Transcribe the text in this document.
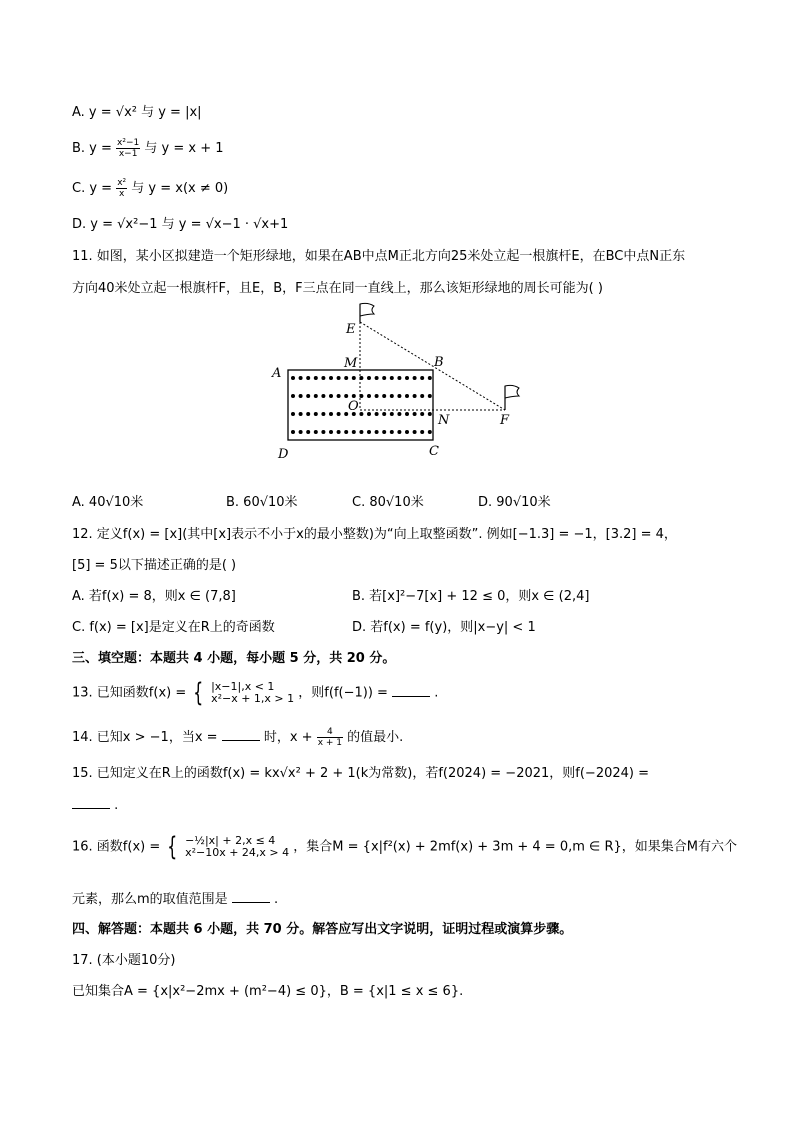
A. y = √x² 与 y = |x|
B. $y = \frac{\text{x²−1}}{x-1}$ 与 y = x + 1
C. $y = \frac{\text{x²}}{x}$ 与 y = x(x ≠ 0)
D. y = √x²−1 与 y = √x−1 · √x+1
11. 如图，某小区拟建造一个矩形绿地，如果在AB中点M正北方向25米处立起一根旗杆E，在BC中点N正东
方向40米处立起一根旗杆F，且E，B，F三点在同一直线上，那么该矩形绿地的周长可能为( )
E
M	B
A
O
N	F
D	C
A. 40√10米	B. 60√10米	C. 80√10米	D. 90√10米
12. 定义f(x) = [x](其中[x]表示不小于x的最小整数)为“向上取整函数”. 例如[−1.3] = −1，[3.2] = 4，
[5] = 5以下描述正确的是( )
A. 若f(x) = 8，则x ∈ (7,8]	B. 若[x]²−7[x] + 12 ≤ 0，则x ∈ (2,4]
C. f(x) = [x]是定义在R上的奇函数	D. 若f(x) = f(y)，则|x−y| < 1
三、填空题：本题共 4 小题，每小题 5 分，共 20 分。
13. 已知函数f(x) = { |x−1|,x < 1
x²−x + 1,x > 1 ，则f(f(−1)) =	.
14. 已知x > −1，当x =	时，$x + \frac{4}{x + 1}$ 的值最小.
15. 已知定义在R上的函数f(x) = kx√x² + 2 + 1(k为常数)，若f(2024) = −2021，则f(−2024) =
.
16. 函数f(x) = { −½|x| + 2,x ≤ 4
x²−10x + 24,x > 4 ，集合M = {x|f²(x) + 2mf(x) + 3m + 4 = 0,m ∈ R}，如果集合M有六个
元素，那么m的取值范围是	.
四、解答题：本题共 6 小题，共 70 分。解答应写出文字说明，证明过程或演算步骤。
17. (本小题10分)
已知集合A = {x|x²−2mx + (m²−4) ≤ 0}，B = {x|1 ≤ x ≤ 6}.
